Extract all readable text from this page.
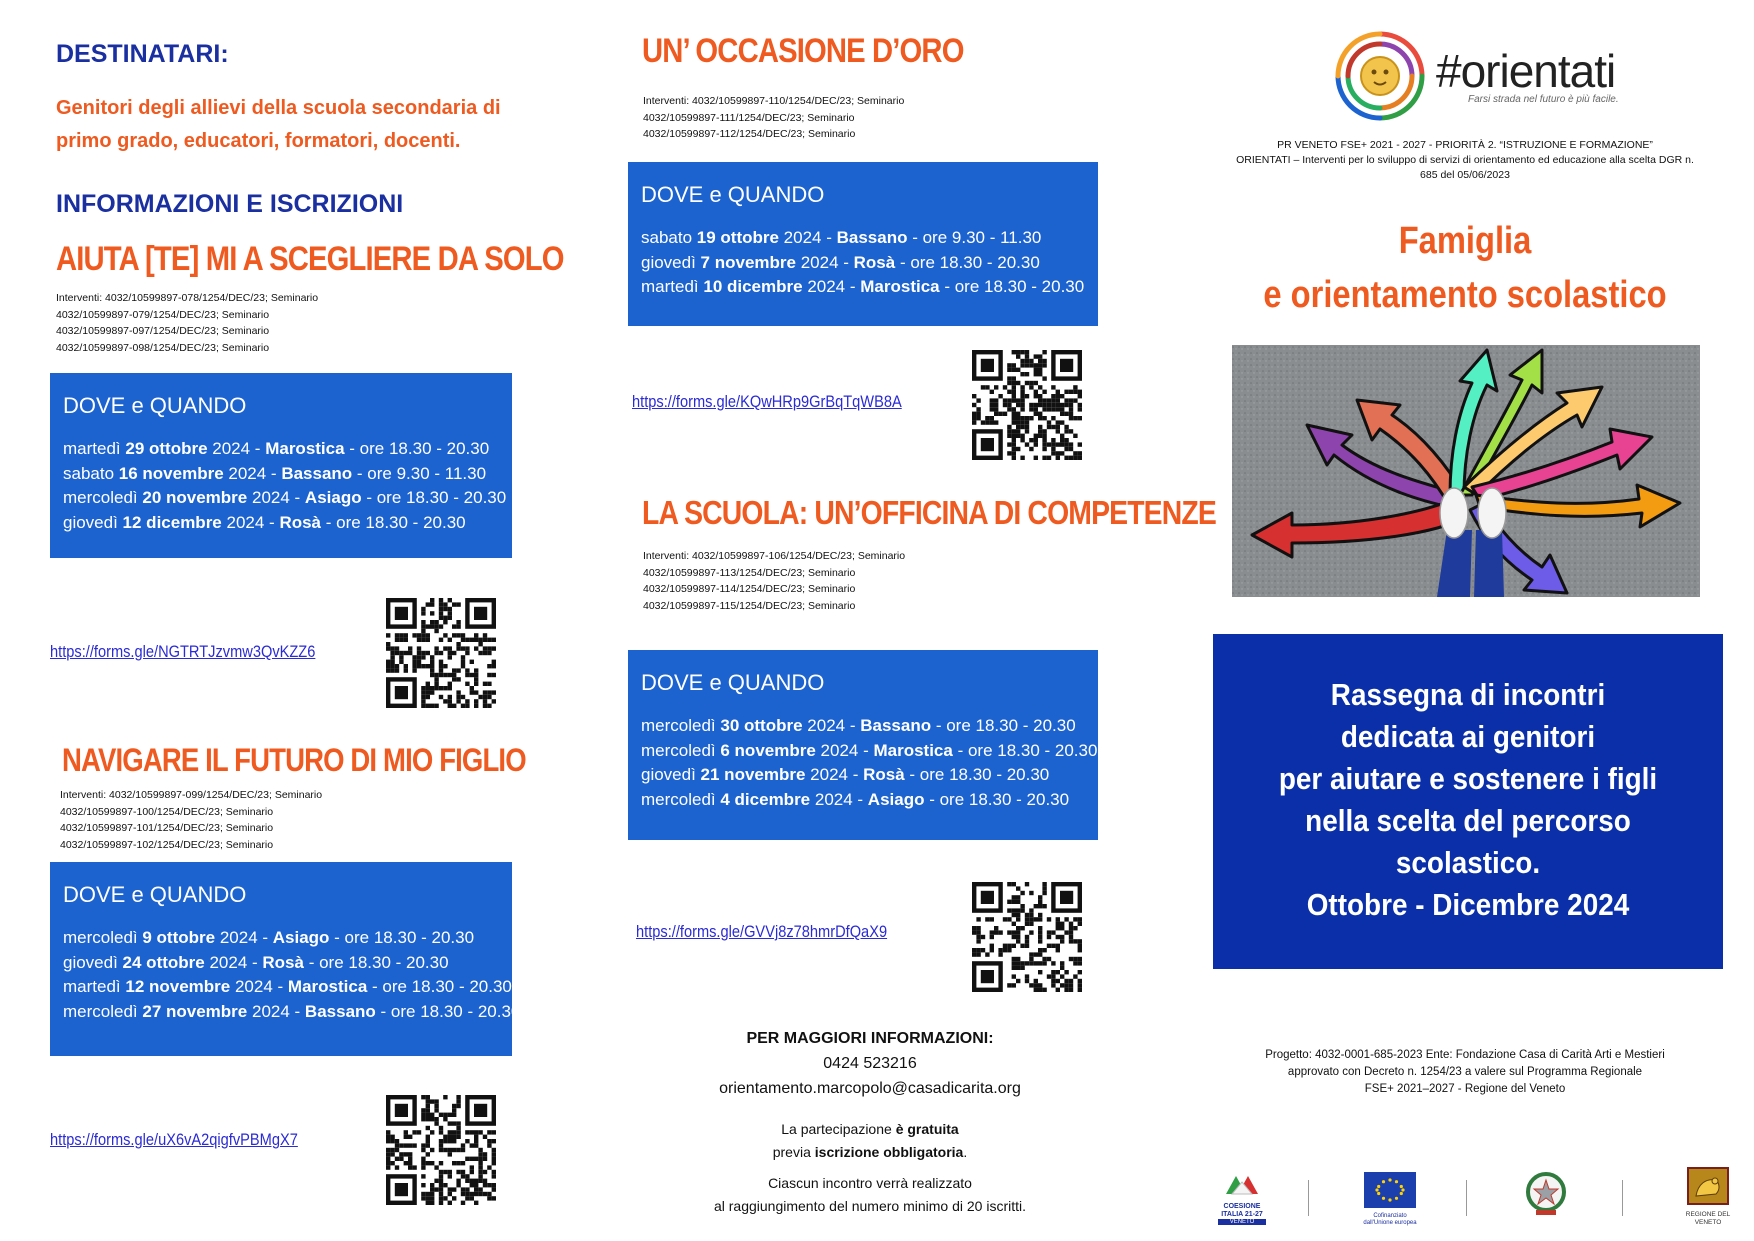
DESTINATARI:
Genitori degli allievi della scuola secondaria di primo grado, educatori, formatori, docenti.
INFORMAZIONI E ISCRIZIONI
AIUTA [TE] MI A SCEGLIERE DA SOLO
Interventi: 4032/10599897-078/1254/DEC/23; Seminario
4032/10599897-079/1254/DEC/23; Seminario
4032/10599897-097/1254/DEC/23; Seminario
4032/10599897-098/1254/DEC/23; Seminario
DOVE e QUANDO
martedì 29 ottobre 2024 - Marostica - ore 18.30 - 20.30
sabato 16 novembre 2024 - Bassano - ore 9.30 - 11.30
mercoledì 20 novembre 2024 - Asiago - ore 18.30 - 20.30
giovedì 12 dicembre 2024 - Rosà - ore 18.30 - 20.30
https://forms.gle/NGTRTJzvmw3QvKZZ6
NAVIGARE IL FUTURO DI MIO FIGLIO
Interventi: 4032/10599897-099/1254/DEC/23; Seminario
4032/10599897-100/1254/DEC/23; Seminario
4032/10599897-101/1254/DEC/23; Seminario
4032/10599897-102/1254/DEC/23; Seminario
DOVE e QUANDO
mercoledì 9 ottobre 2024 - Asiago - ore 18.30 - 20.30
giovedì 24 ottobre 2024 - Rosà - ore 18.30 - 20.30
martedì 12 novembre 2024 - Marostica - ore 18.30 - 20.30
mercoledì 27 novembre 2024 - Bassano - ore 18.30 - 20.30
https://forms.gle/uX6vA2qigfvPBMgX7
UN’ OCCASIONE D’ORO
Interventi: 4032/10599897-110/1254/DEC/23; Seminario
4032/10599897-111/1254/DEC/23; Seminario
4032/10599897-112/1254/DEC/23; Seminario
DOVE e QUANDO
sabato 19 ottobre 2024 - Bassano - ore 9.30 - 11.30
giovedì 7 novembre 2024 - Rosà - ore 18.30 - 20.30
martedì 10 dicembre 2024 - Marostica - ore 18.30 - 20.30
https://forms.gle/KQwHRp9GrBqTqWB8A
LA SCUOLA: UN’OFFICINA DI COMPETENZE
Interventi: 4032/10599897-106/1254/DEC/23; Seminario
4032/10599897-113/1254/DEC/23; Seminario
4032/10599897-114/1254/DEC/23; Seminario
4032/10599897-115/1254/DEC/23; Seminario
DOVE e QUANDO
mercoledì 30 ottobre 2024 - Bassano - ore 18.30 - 20.30
mercoledì 6 novembre 2024 - Marostica - ore 18.30 - 20.30
giovedì 21 novembre 2024 - Rosà - ore 18.30 - 20.30
mercoledì 4 dicembre 2024 - Asiago - ore 18.30 - 20.30
https://forms.gle/GVVj8z78hmrDfQaX9
PER MAGGIORI INFORMAZIONI:
0424 523216
orientamento.marcopolo@casadicarita.org
La partecipazione è gratuita
previa iscrizione obbligatoria.
Ciascun incontro verrà realizzato
al raggiungimento del numero minimo di 20 iscritti.
#orientati
Farsi strada nel futuro è più facile.
PR VENETO FSE+ 2021 - 2027 - PRIORITÀ 2. “ISTRUZIONE E FORMAZIONE”
ORIENTATI – Interventi per lo sviluppo di servizi di orientamento ed educazione alla scelta DGR n.
685 del 05/06/2023
Famiglia
e orientamento scolastico
Rassegna di incontri
dedicata ai genitori
per aiutare e sostenere i figli
nella scelta del percorso
scolastico.
Ottobre - Dicembre 2024
Progetto: 4032-0001-685-2023 Ente: Fondazione Casa di Carità Arti e Mestieri
approvato con Decreto n. 1254/23 a valere sul Programma Regionale
FSE+ 2021–2027 - Regione del Veneto
COESIONE ITALIA 21-27
VENETO
Cofinanziato dall'Unione europea
REGIONE DEL VENETO
